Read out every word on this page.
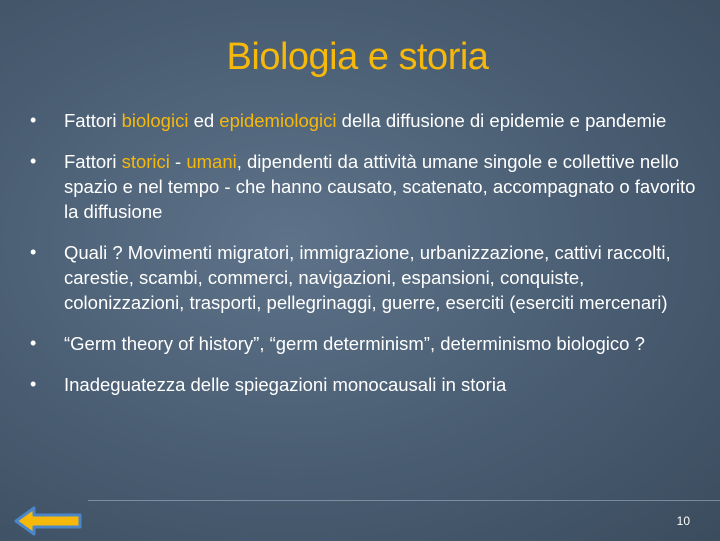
Biologia e storia
• Fattori biologici ed epidemiologici della diffusione di epidemie e pandemie
• Fattori storici - umani, dipendenti da attività umane singole e collettive nello spazio e nel tempo - che hanno causato, scatenato, accompagnato o favorito la diffusione
• Quali ? Movimenti migratori, immigrazione, urbanizzazione, cattivi raccolti, carestie, scambi, commerci, navigazioni, espansioni, conquiste, colonizzazioni, trasporti, pellegrinaggi, guerre, eserciti (eserciti mercenari)
• “Germ theory of history”, “germ determinism”, determinismo biologico ?
• Inadeguatezza delle spiegazioni monocausali in storia
10
